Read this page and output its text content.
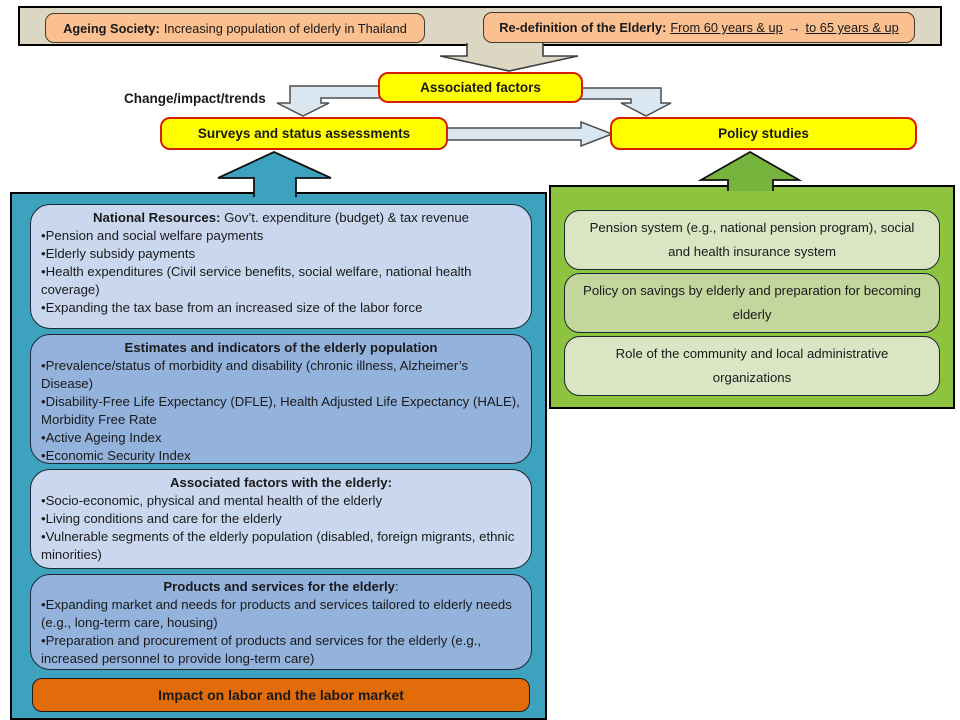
Ageing Society: Increasing population of elderly in Thailand	Re-definition of the Elderly: From 60 years & up → to 65 years & up
National Resources: Gov’t. expenditure (budget) & tax revenue
•Pension and social welfare payments
•Elderly subsidy payments
•Health expenditures (Civil service benefits, social welfare, national health coverage)
•Expanding the tax base from an increased size of the labor force
Estimates and indicators of the elderly population
•Prevalence/status of morbidity and disability (chronic illness, Alzheimer’s Disease)
•Disability-Free Life Expectancy (DFLE), Health Adjusted Life Expectancy (HALE), Morbidity Free Rate
•Active Ageing Index
•Economic Security Index
Associated factors with the elderly:
•Socio-economic, physical and mental health of the elderly
•Living conditions and care for the elderly
•Vulnerable segments of the elderly population (disabled, foreign migrants, ethnic minorities)
Products and services for the elderly:
•Expanding market and needs for products and services tailored to elderly needs (e.g., long-term care, housing)
•Preparation and procurement of products and services for the elderly (e.g., increased personnel to provide long-term care)
Impact on labor and the labor market
Pension system (e.g., national pension program), social and health insurance system
Policy on savings by elderly and preparation for becoming elderly
Role of the community and local administrative organizations
Associated factors
Change/impact/trends
Surveys and status assessments	Policy studies
